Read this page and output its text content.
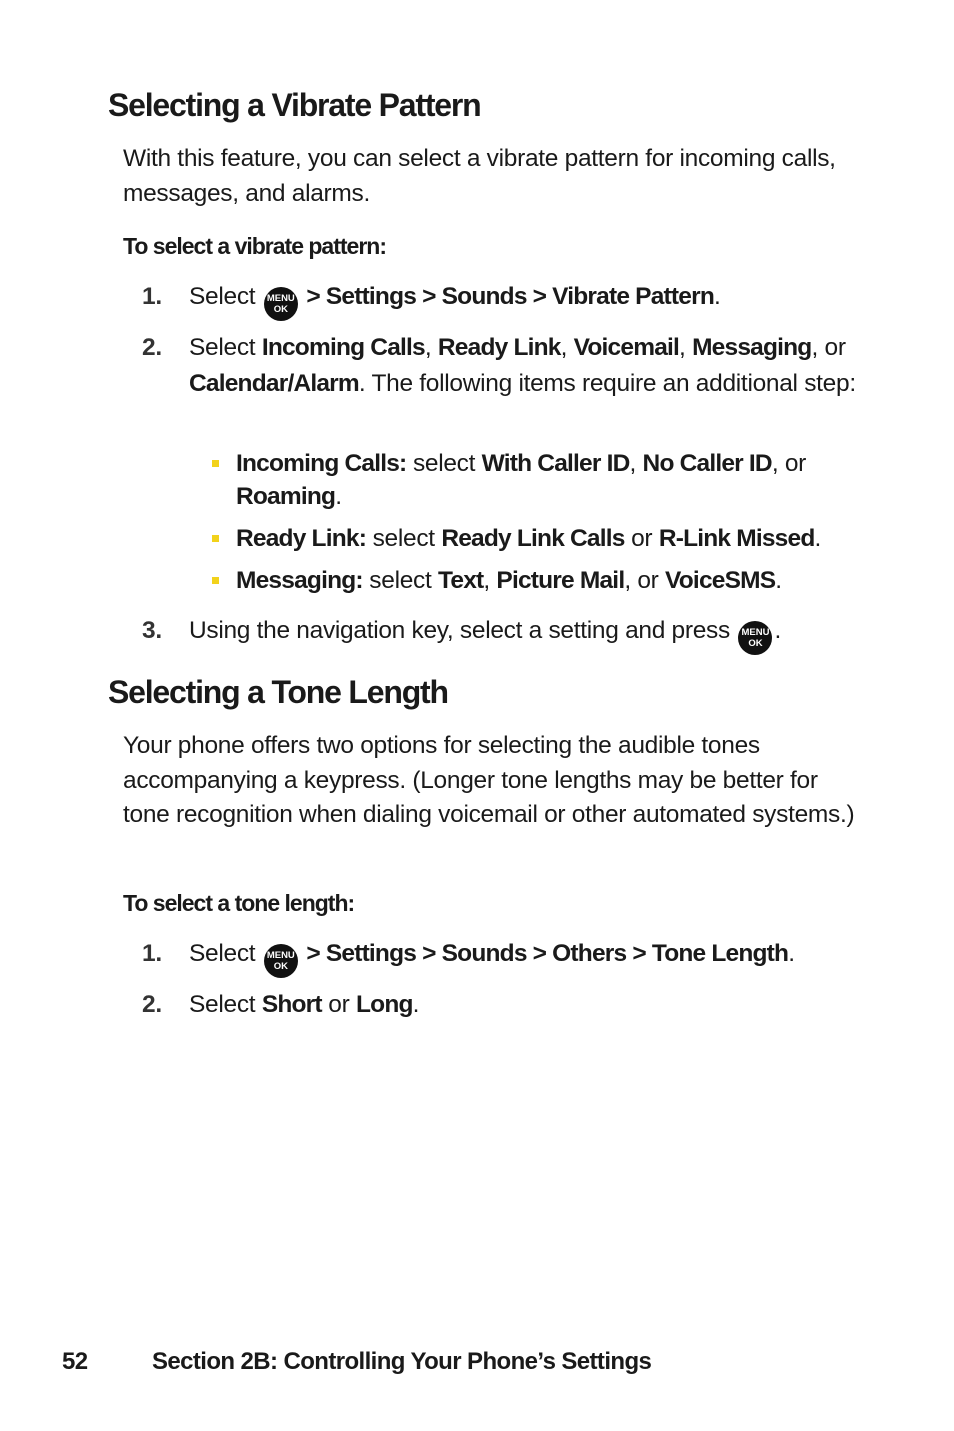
Selecting a Vibrate Pattern

With this feature, you can select a vibrate pattern for incoming calls, messages, and alarms.

To select a vibrate pattern:

1. Select	MENU
OK > Settings > Sounds > Vibrate Pattern.
2. Select Incoming Calls, Ready Link, Voicemail, Messaging, or Calendar/Alarm. The following items require an additional step:
Incoming Calls: select With Caller ID, No Caller ID, or Roaming.
Ready Link: select Ready Link Calls or R-Link Missed.
Messaging: select Text, Picture Mail, or VoiceSMS.
3. Using the navigation key, select a setting and press	MENU
OK .
Selecting a Tone Length

Your phone offers two options for selecting the audible tones accompanying a keypress. (Longer tone lengths may be better for tone recognition when dialing voicemail or other automated systems.)

To select a tone length:

1. Select	MENU
OK > Settings > Sounds > Others > Tone Length.
2. Select Short or Long.

52	Section 2B: Controlling Your Phone’s Settings
